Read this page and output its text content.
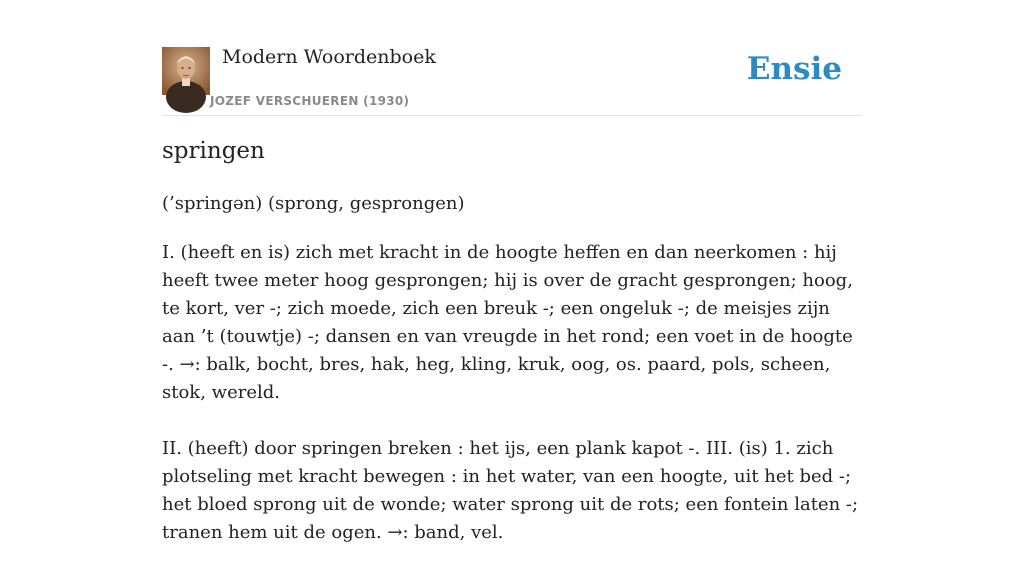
Modern Woordenboek
JOZEF VERSCHUEREN (1930)
Ensie
springen
(’springən) (sprong, gesprongen)

I. (heeft en is) zich met kracht in de hoogte heffen en dan neerkomen : hij heeft twee meter hoog gesprongen; hij is over de gracht gesprongen; hoog, te kort, ver -; zich moede, zich een breuk -; een ongeluk -; de meisjes zijn aan ’t (touwtje) -; dansen en van vreugde in het rond; een voet in de hoogte -. →: balk, bocht, bres, hak, heg, kling, kruk, oog, os. paard, pols, scheen, stok, wereld.

II. (heeft) door springen breken : het ijs, een plank kapot -. III. (is) 1. zich plotseling met kracht bewegen : in het water, van een hoogte, uit het bed -; het bloed sprong uit de wonde; water sprong uit de rots; een fontein laten -; tranen hem uit de ogen. →: band, vel.
